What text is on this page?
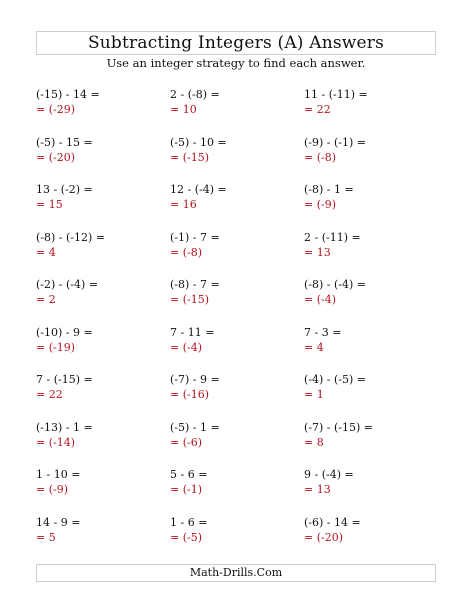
Subtracting Integers (A) Answers
Use an integer strategy to find each answer.
(-15) - 14 =
= (-29)
2 - (-8) =
= 10
11 - (-11) =
= 22
(-5) - 15 =
= (-20)
(-5) - 10 =
= (-15)
(-9) - (-1) =
= (-8)
13 - (-2) =
= 15
12 - (-4) =
= 16
(-8) - 1 =
= (-9)
(-8) - (-12) =
= 4
(-1) - 7 =
= (-8)
2 - (-11) =
= 13
(-2) - (-4) =
= 2
(-8) - 7 =
= (-15)
(-8) - (-4) =
= (-4)
(-10) - 9 =
= (-19)
7 - 11 =
= (-4)
7 - 3 =
= 4
7 - (-15) =
= 22
(-7) - 9 =
= (-16)
(-4) - (-5) =
= 1
(-13) - 1 =
= (-14)
(-5) - 1 =
= (-6)
(-7) - (-15) =
= 8
1 - 10 =
= (-9)
5 - 6 =
= (-1)
9 - (-4) =
= 13
14 - 9 =
= 5
1 - 6 =
= (-5)
(-6) - 14 =
= (-20)
Math-Drills.Com
